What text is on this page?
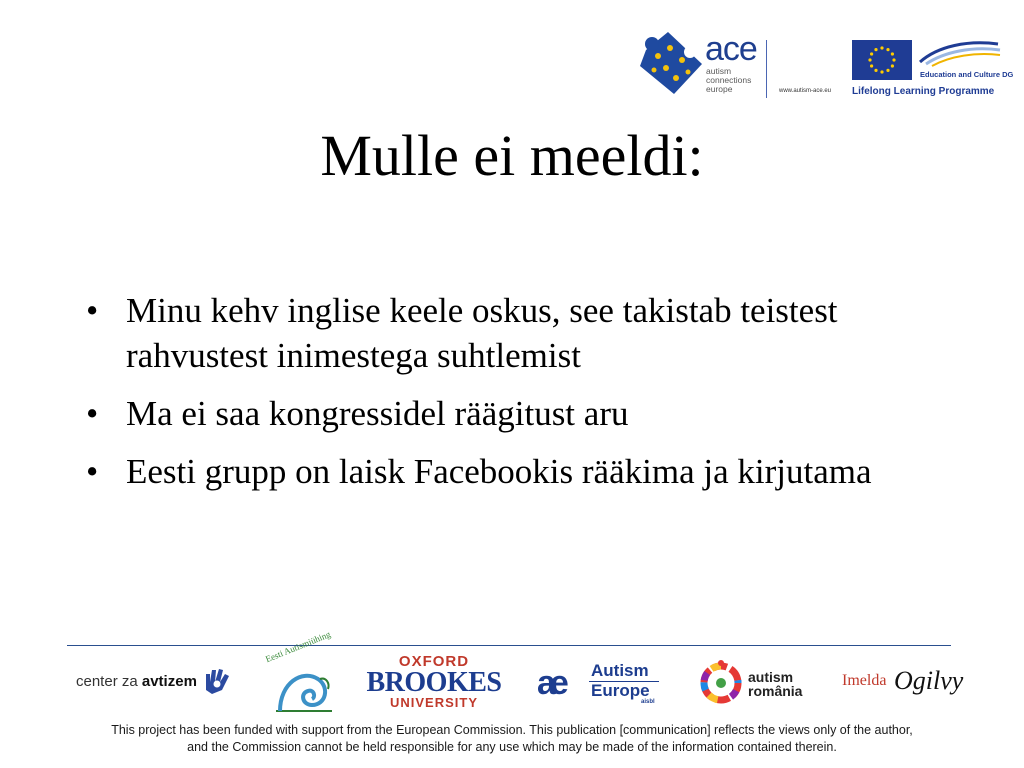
ace
autism
connections
europe	www.autism-ace.eu
Education and Culture DG
Lifelong Learning Programme
Mulle ei meeldi:
• Minu kehv inglise keele oskus, see takistab teistest rahvustest inimestega suhtlemist
• Ma ei saa kongressidel räägitust aru
• Eesti grupp on laisk Facebookis rääkima ja kirjutama
center za avtizem
Eesti Autismiühing	OXFORD
BROOKES
UNIVERSITY
ae Autism
Europe
aisbl
autism
românia
Imelda Ogilvy
This project has been funded with support from the European Commission. This publication [communication] reflects the views only of the author,
and the Commission cannot be held responsible for any use which may be made of the information contained therein.
